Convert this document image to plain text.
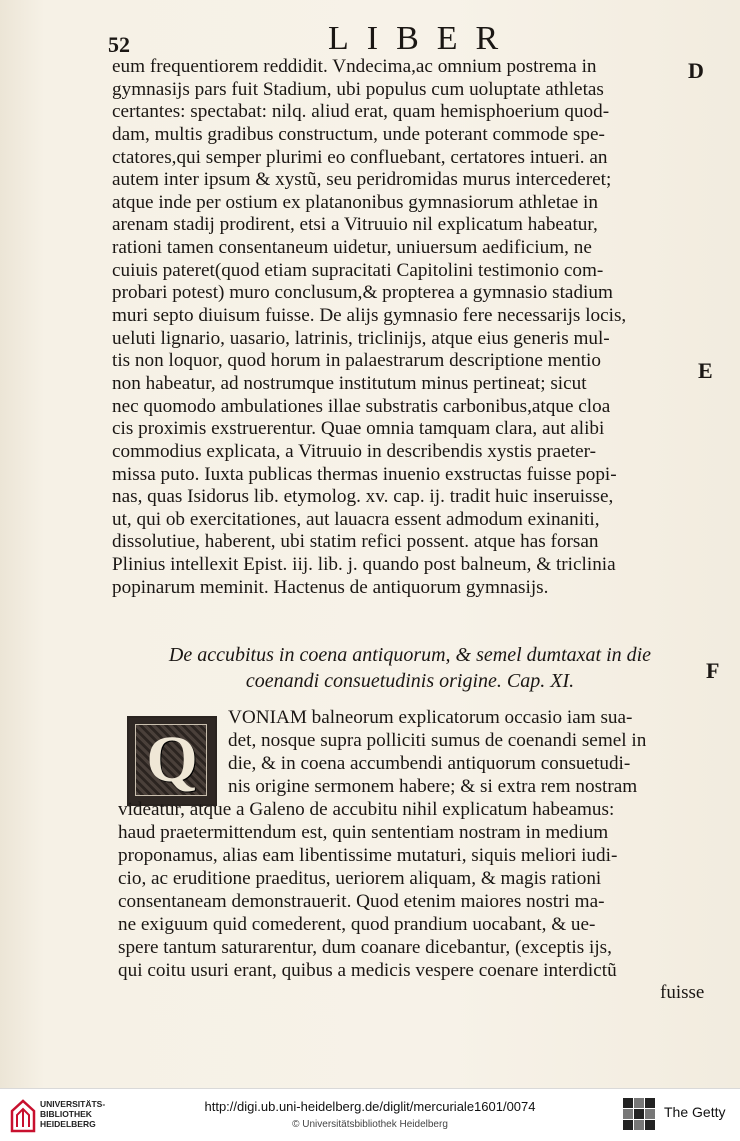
52	LIBER
eum frequentiorem reddidit. Vndecima,ac omnium postrema in
gymnasijs pars fuit Stadium, ubi populus cum uoluptate athletas
certantes: spectabat: nilq. aliud erat, quam hemisphoerium quod-
dam, multis gradibus constructum, unde poterant commode spe-
ctatores,qui semper plurimi eo confluebant, certatores intueri. an
autem inter ipsum & xystũ, seu peridromidas murus intercederet;
atque inde per ostium ex platanonibus gymnasiorum athletae in
arenam stadij prodirent, etsi a Vitruuio nil explicatum habeatur,
rationi tamen consentaneum uidetur, uniuersum aedificium, ne
cuiuis pateret(quod etiam supracitati Capitolini testimonio com-
probari potest) muro conclusum,& propterea a gymnasio stadium
muri septo diuisum fuisse. De alijs gymnasio fere necessarijs locis,
ueluti lignario, uasario, latrinis, triclinijs, atque eius generis mul-
tis non loquor, quod horum in palaestrarum descriptione mentio
non habeatur, ad nostrumque institutum minus pertineat; sicut
nec quomodo ambulationes illae substratis carbonibus,atque cloa
cis proximis exstruerentur. Quae omnia tamquam clara, aut alibi
commodius explicata, a Vitruuio in describendis xystis praeter-
missa puto. Iuxta publicas thermas inuenio exstructas fuisse popi-
nas, quas Isidorus lib. etymolog. xv. cap. ij. tradit huic inseruisse,
ut, qui ob exercitationes, aut lauacra essent admodum exinaniti,
dissolutiue, haberent, ubi statim refici possent. atque has forsan
Plinius intellexit Epist. iij. lib. j. quando post balneum, & triclinia
popinarum meminit. Hactenus de antiquorum gymnasijs.
D
E
F
De accubitus in coena antiquorum, & semel dumtaxat in die
coenandi consuetudinis origine. Cap. XI.
Q
VONIAM balneorum explicatorum occasio iam sua-
det, nosque supra polliciti sumus de coenandi semel in
die, & in coena accumbendi antiquorum consuetudi-
nis origine sermonem habere; & si extra rem nostram
videatur, atque a Galeno de accubitu nihil explicatum habeamus:
haud praetermittendum est, quin sententiam nostram in medium
proponamus, alias eam libentissime mutaturi, siquis meliori iudi-
cio, ac eruditione praeditus, ueriorem aliquam, & magis rationi
consentaneam demonstrauerit. Quod etenim maiores nostri ma-
ne exiguum quid comederent, quod prandium uocabant, & ue-
spere tantum saturarentur, dum coanare dicebantur, (exceptis ijs,
qui coitu usuri erant, quibus a medicis vespere coenare interdictũ
fuisse
UNIVERSITÄTS-
BIBLIOTHEK
HEIDELBERG
http://digi.ub.uni-heidelberg.de/diglit/mercuriale1601/0074
© Universitätsbibliothek Heidelberg
The Getty
